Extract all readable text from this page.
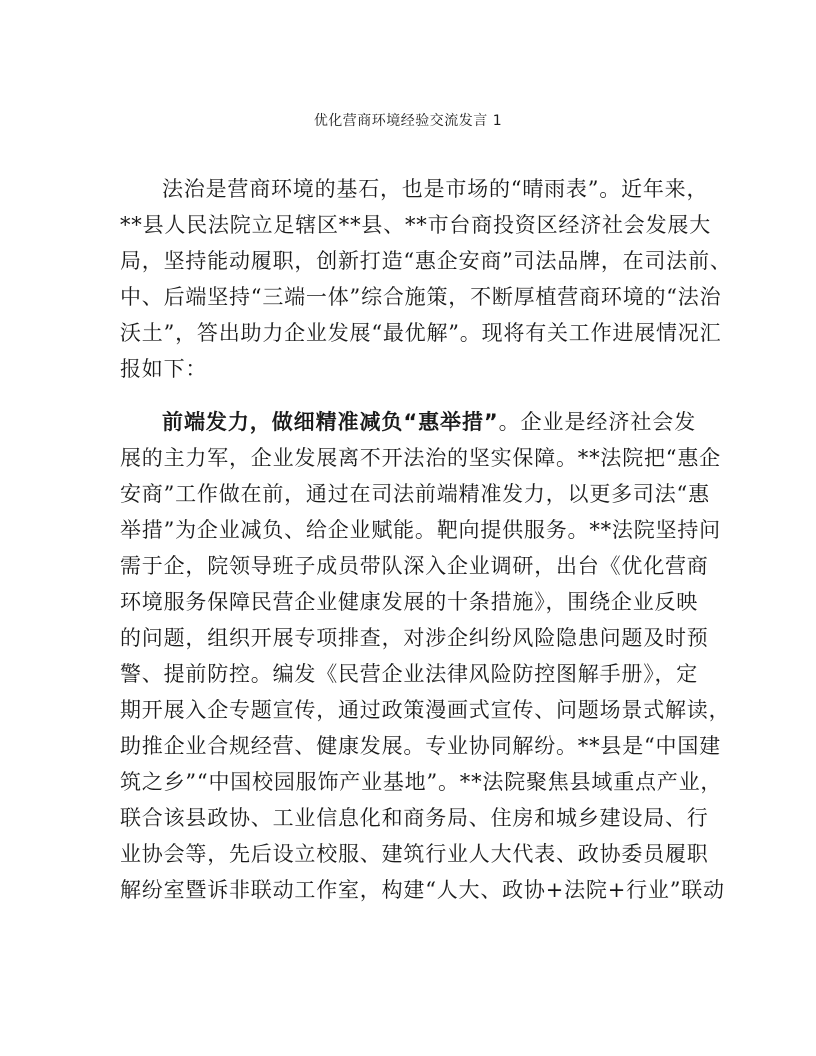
优化营商环境经验交流发言 1
法治是营商环境的基石，也是市场的“晴雨表”。近年来，
**县人民法院立足辖区**县、**市台商投资区经济社会发展大
局，坚持能动履职，创新打造“惠企安商”司法品牌，在司法前、
中、后端坚持“三端一体”综合施策，不断厚植营商环境的“法治
沃土”，答出助力企业发展“最优解”。现将有关工作进展情况汇
报如下：
前端发力，做细精准减负“惠举措”。企业是经济社会发
展的主力军，企业发展离不开法治的坚实保障。**法院把“惠企
安商”工作做在前，通过在司法前端精准发力，以更多司法“惠
举措”为企业减负、给企业赋能。靶向提供服务。**法院坚持问
需于企，院领导班子成员带队深入企业调研，出台《优化营商
环境服务保障民营企业健康发展的十条措施》，围绕企业反映
的问题，组织开展专项排查，对涉企纠纷风险隐患问题及时预
警、提前防控。编发《民营企业法律风险防控图解手册》，定
期开展入企专题宣传，通过政策漫画式宣传、问题场景式解读，
助推企业合规经营、健康发展。专业协同解纷。**县是“中国建
筑之乡”“中国校园服饰产业基地”。**法院聚焦县域重点产业，
联合该县政协、工业信息化和商务局、住房和城乡建设局、行
业协会等，先后设立校服、建筑行业人大代表、政协委员履职
解纷室暨诉非联动工作室，构建“人大、政协+法院+行业”联动
